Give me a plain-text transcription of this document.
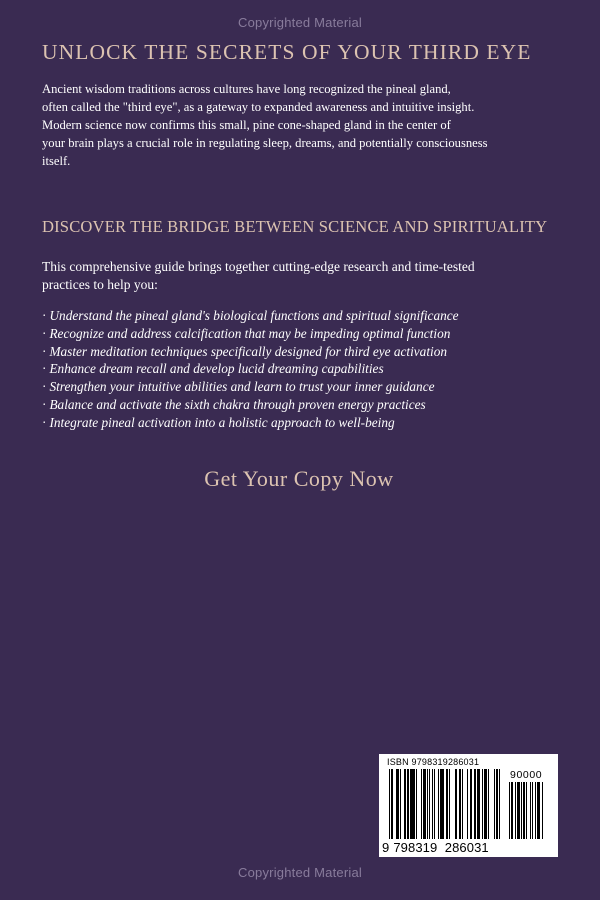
Copyrighted Material
UNLOCK THE SECRETS OF YOUR THIRD EYE

Ancient wisdom traditions across cultures have long recognized the pineal gland,
often called the "third eye", as a gateway to expanded awareness and intuitive insight.
Modern science now confirms this small, pine cone-shaped gland in the center of
your brain plays a crucial role in regulating sleep, dreams, and potentially consciousness
itself.

DISCOVER THE BRIDGE BETWEEN SCIENCE AND SPIRITUALITY

This comprehensive guide brings together cutting-edge research and time-tested
practices to help you:

· Understand the pineal gland's biological functions and spiritual significance
· Recognize and address calcification that may be impeding optimal function
· Master meditation techniques specifically designed for third eye activation
· Enhance dream recall and develop lucid dreaming capabilities
· Strengthen your intuitive abilities and learn to trust your inner guidance
· Balance and activate the sixth chakra through proven energy practices
· Integrate pineal activation into a holistic approach to well-being
Get Your Copy Now
ISBN 9798319286031
90000
9 798319 286031
Copyrighted Material
